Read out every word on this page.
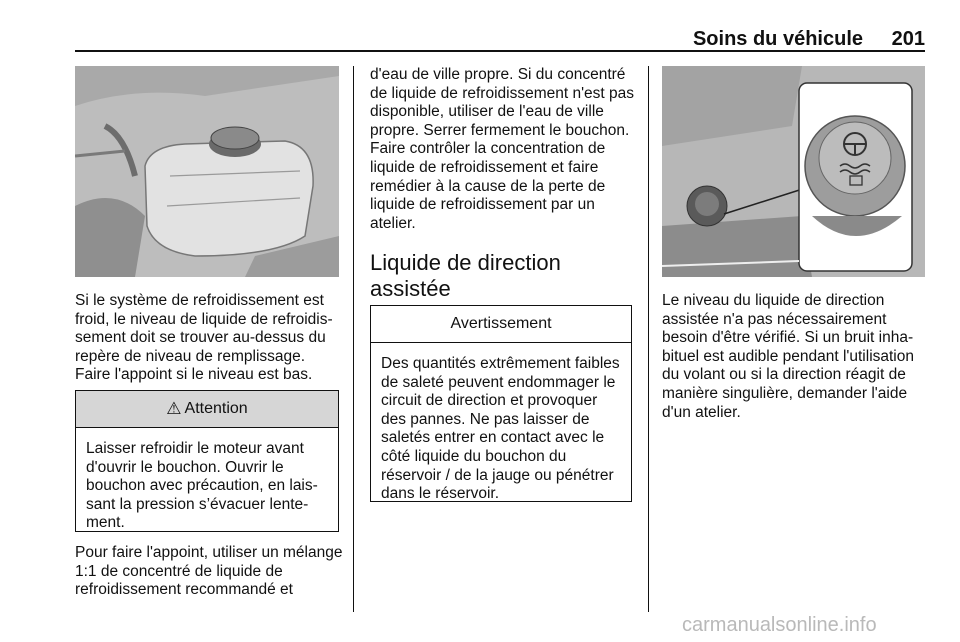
Soins du véhicule 201

Si le système de refroidissement est froid, le niveau de liquide de refroidissement doit se trouver au-dessus du repère de niveau de remplissage. Faire l'appoint si le niveau est bas.

⚠ Attention
Laisser refroidir le moteur avant d'ouvrir le bouchon. Ouvrir le bouchon avec précaution, en laissant la pression s’évacuer lentement.

Pour faire l'appoint, utiliser un mélange 1:1 de concentré de liquide de refroidissement recommandé et

d'eau de ville propre. Si du concentré de liquide de refroidissement n'est pas disponible, utiliser de l'eau de ville propre. Serrer fermement le bouchon. Faire contrôler la concentration de liquide de refroidissement et faire remédier à la cause de la perte de liquide de refroidissement par un atelier.

Liquide de direction assistée
Avertissement
Des quantités extrêmement faibles de saleté peuvent endommager le circuit de direction et provoquer des pannes. Ne pas laisser de saletés entrer en contact avec le côté liquide du bouchon du réservoir / de la jauge ou pénétrer dans le réservoir.

Le niveau du liquide de direction assistée n'a pas nécessairement besoin d'être vérifié. Si un bruit inhabituel est audible pendant l'utilisation du volant ou si la direction réagit de manière singulière, demander l'aide d'un atelier.

carmanualsonline.info
